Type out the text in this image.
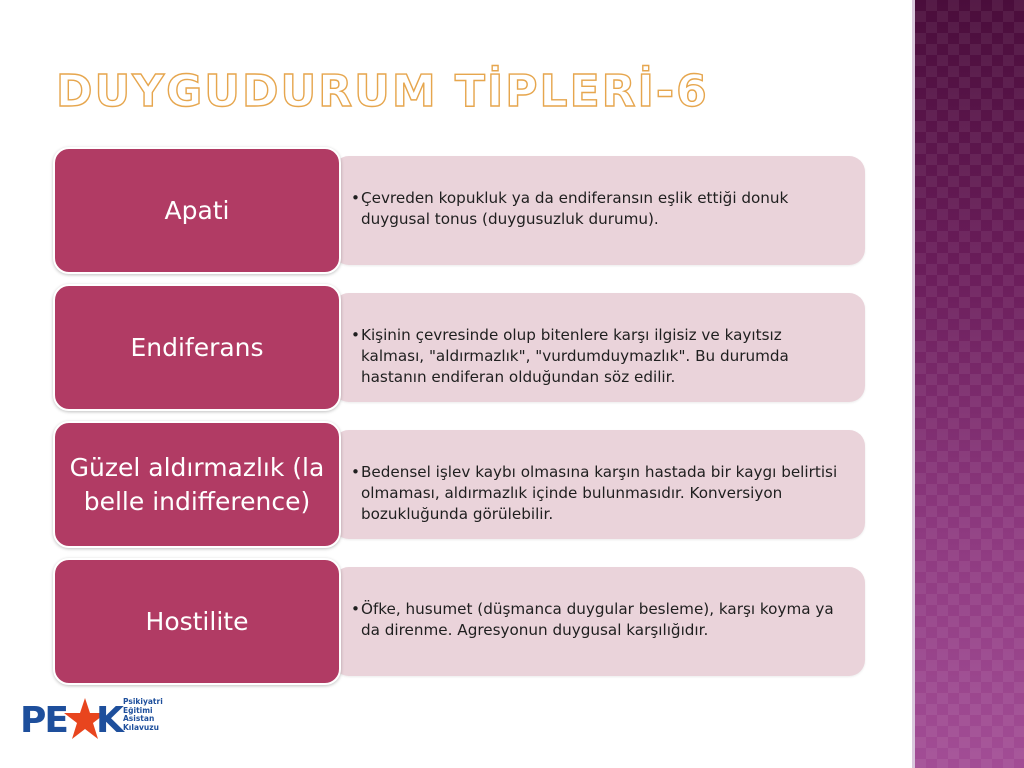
DUYGUDURUM TİPLERİ-6
• Çevreden kopukluk ya da endiferansın eşlik ettiği donuk duygusal tonus (duygusuzluk durumu).
Apati
• Kişinin çevresinde olup bitenlere karşı ilgisiz ve kayıtsız kalması, "aldırmazlık", "vurdumduymazlık". Bu durumda hastanın endiferan olduğundan söz edilir.
Endiferans
• Bedensel işlev kaybı olmasına karşın hastada bir kaygı belirtisi olmaması, aldırmazlık içinde bulunmasıdır. Konversiyon bozukluğunda görülebilir.
Güzel aldırmazlık (la belle indifference)
• Öfke, husumet (düşmanca duygular besleme), karşı koyma ya da direnme. Agresyonun duygusal karşılığıdır.
Hostilite
PE K Psikiyatri
Eğitimi
Asistan
Kılavuzu
